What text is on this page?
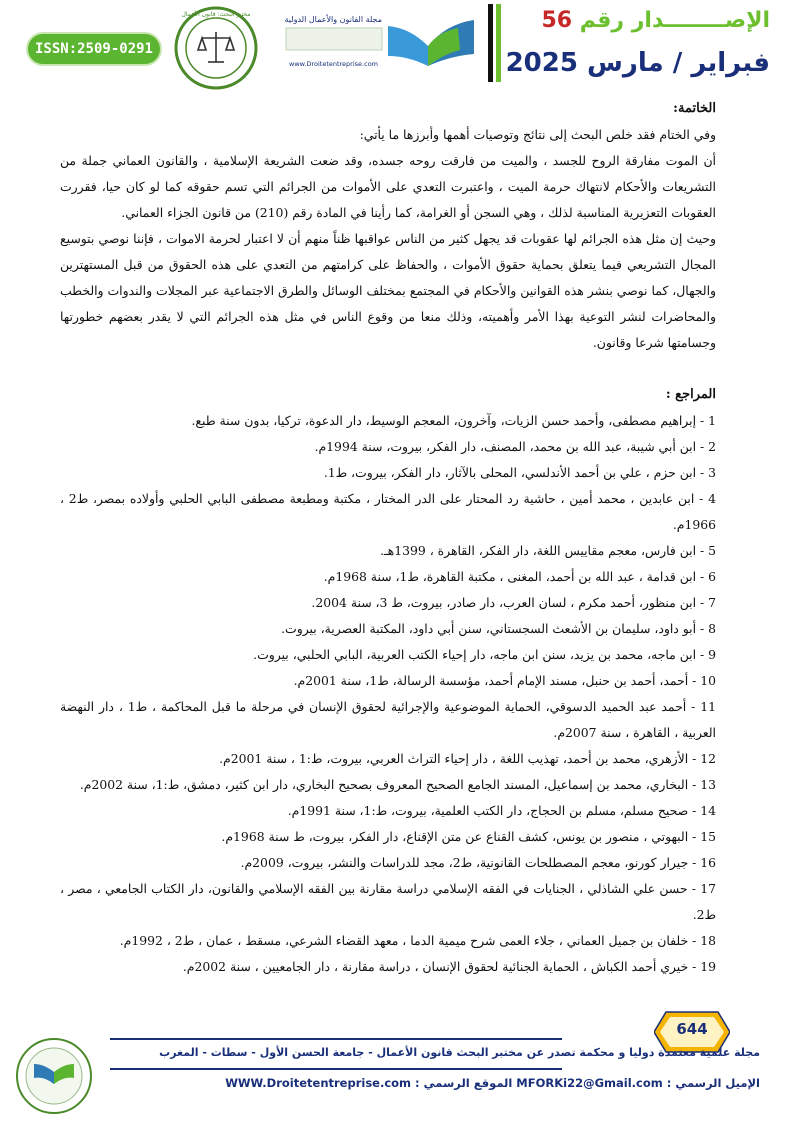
الإصــــــــدار رقم 56
فبراير / مارس 2025
مجلة القانون والأعمال الدولية
www.Droitetentreprise.com
مختبر البحث: قانون الأعمال
ISSN:2509-0291

الخاتمة:

وفي الختام فقد خلص البحث إلى نتائج وتوصيات أهمها وأبرزها ما يأتي:

أن الموت مفارقة الروح للجسد ، والميت من فارقت روحه جسده، وقد ضعت الشريعة الإسلامية ، والقانون العماني جملة من التشريعات والأحكام لانتهاك حرمة الميت ، واعتبرت التعدي على الأموات من الجرائم التي تسم حقوقه كما لو كان حيا، فقررت العقوبات التعزيرية المناسبة لذلك ، وهي السجن أو الغرامة، كما رأينا في المادة رقم (210) من قانون الجزاء العماني.

وحيث إن مثل هذه الجرائم لها عقوبات قد يجهل كثير من الناس عواقبها ظناً منهم أن لا اعتبار لحرمة الاموات ، فإننا نوصي بتوسيع المجال التشريعي فيما يتعلق بحماية حقوق الأموات ، والحفاظ على كرامتهم من التعدي على هذه الحقوق من قبل المستهترين والجهال، كما نوصي بنشر هذه القوانين والأحكام في المجتمع بمختلف الوسائل والطرق الاجتماعية عبر المجلات والندوات والخطب والمحاضرات لنشر التوعية بهذا الأمر وأهميته، وذلك منعا من وقوع الناس في مثل هذه الجرائم التي لا يقدر بعضهم خطورتها وجسامتها شرعا وقانون.

المراجع :

1 - إبراهيم مصطفى، وأحمد حسن الزيات، وآخرون، المعجم الوسيط، دار الدعوة، تركيا، بدون سنة طبع.

2 - ابن أبي شيبة، عبد الله بن محمد، المصنف، دار الفكر، بيروت، سنة 1994م.

3 - ابن حزم ، علي بن أحمد الأندلسي، المحلى بالآثار، دار الفكر، بيروت، ط1.

4 - ابن عابدين ، محمد أمين ، حاشية رد المحتار على الدر المختار ، مكتبة ومطبعة مصطفى البابي الحلبي وأولاده بمصر، ط2 ، 1966م.

5 - ابن فارس، معجم مقاييس اللغة، دار الفكر، القاهرة ، 1399هـ.

6 - ابن قدامة ، عبد الله بن أحمد، المغنى ، مكتبة القاهرة، ط1، سنة 1968م.

7 - ابن منظور، أحمد مكرم ، لسان العرب، دار صادر، بيروت، ط 3، سنة 2004.

8 - أبو داود، سليمان بن الأشعث السجستاني، سنن أبي داود، المكتبة العصرية، بيروت.

9 - ابن ماجه، محمد بن يزيد، سنن ابن ماجه، دار إحياء الكتب العربية، البابي الحلبي، بيروت.

10 - أحمد، أحمد بن حنبل، مسند الإمام أحمد، مؤسسة الرسالة، ط1، سنة 2001م.

11 - أحمد عبد الحميد الدسوقي، الحماية الموضوعية والإجرائية لحقوق الإنسان في مرحلة ما قبل المحاكمة ، ط1 ، دار النهضة العربية ، القاهرة ، سنة 2007م.

12 - الأزهري، محمد بن أحمد، تهذيب اللغة ، دار إحياء التراث العربي، بيروت، ط:1 ، سنة 2001م.

13 - البخاري، محمد بن إسماعيل، المسند الجامع الصحيح المعروف بصحيح البخاري، دار ابن كثير، دمشق، ط:1، سنة 2002م.

14 - صحيح مسلم، مسلم بن الحجاج، دار الكتب العلمية، بيروت، ط:1، سنة 1991م.

15 - البهوتي ، منصور بن يونس، كشف القناع عن متن الإقناع، دار الفكر، بيروت، ط سنة 1968م.

16 - جيرار كورنو، معجم المصطلحات القانونية، ط2، مجد للدراسات والنشر، بيروت، 2009م.

17 - حسن علي الشاذلي ، الجنايات في الفقه الإسلامي دراسة مقارنة بين الفقه الإسلامي والقانون، دار الكتاب الجامعي ، مصر ، ط2.

18 - خلفان بن جميل العماني ، جلاء العمى شرح ميمية الدما ، معهد القضاء الشرعي، مسقط ، عمان ، ط2 ، 1992م.

19 - خيري أحمد الكباش ، الحماية الجنائية لحقوق الإنسان ، دراسة مقارنة ، دار الجامعيين ، سنة 2002م.

644
مجلة علمية معتمدة دوليا و محكمة تصدر عن مختبر البحث قانون الأعمال - جامعة الحسن الأول - سطات - المغرب
الإميل الرسمي : MFORKi22@Gmail.com الموقع الرسمي : WWW.Droitetentreprise.com
